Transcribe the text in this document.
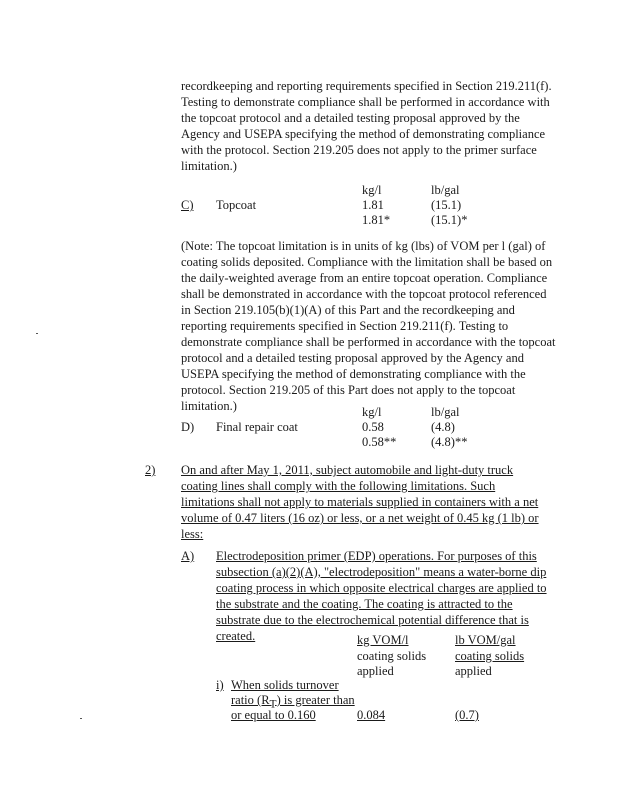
recordkeeping and reporting requirements specified in Section 219.211(f).
Testing to demonstrate compliance shall be performed in accordance with
the topcoat protocol and a detailed testing proposal approved by the
Agency and USEPA specifying the method of demonstrating compliance
with the protocol. Section 219.205 does not apply to the primer surface
limitation.)
kg/l	lb/gal
C) Topcoat	1.81	(15.1)
1.81*	(15.1)*
(Note: The topcoat limitation is in units of kg (lbs) of VOM per l (gal) of
coating solids deposited. Compliance with the limitation shall be based on
the daily-weighted average from an entire topcoat operation. Compliance
shall be demonstrated in accordance with the topcoat protocol referenced
in Section 219.105(b)(1)(A) of this Part and the recordkeeping and
reporting requirements specified in Section 219.211(f). Testing to
demonstrate compliance shall be performed in accordance with the topcoat
protocol and a detailed testing proposal approved by the Agency and
USEPA specifying the method of demonstrating compliance with the
protocol. Section 219.205 of this Part does not apply to the topcoat
limitation.)	kg/l	lb/gal
D) Final repair coat	0.58	(4.8)
0.58**	(4.8)**
2) On and after May 1, 2011, subject automobile and light-duty truck
coating lines shall comply with the following limitations. Such
limitations shall not apply to materials supplied in containers with a net
volume of 0.47 liters (16 oz) or less, or a net weight of 0.45 kg (1 lb) or
less:
A) Electrodeposition primer (EDP) operations. For purposes of this
subsection (a)(2)(A), "electrodeposition" means a water-borne dip
coating process in which opposite electrical charges are applied to
the substrate and the coating. The coating is attracted to the
substrate due to the electrochemical potential difference that is
created.	kg VOM/l
coating solids
applied
lb VOM/gal
coating solids
applied
i) When solids turnover
ratio $(R_T)$ is greater than
or equal to 0.160	0.084	(0.7)
